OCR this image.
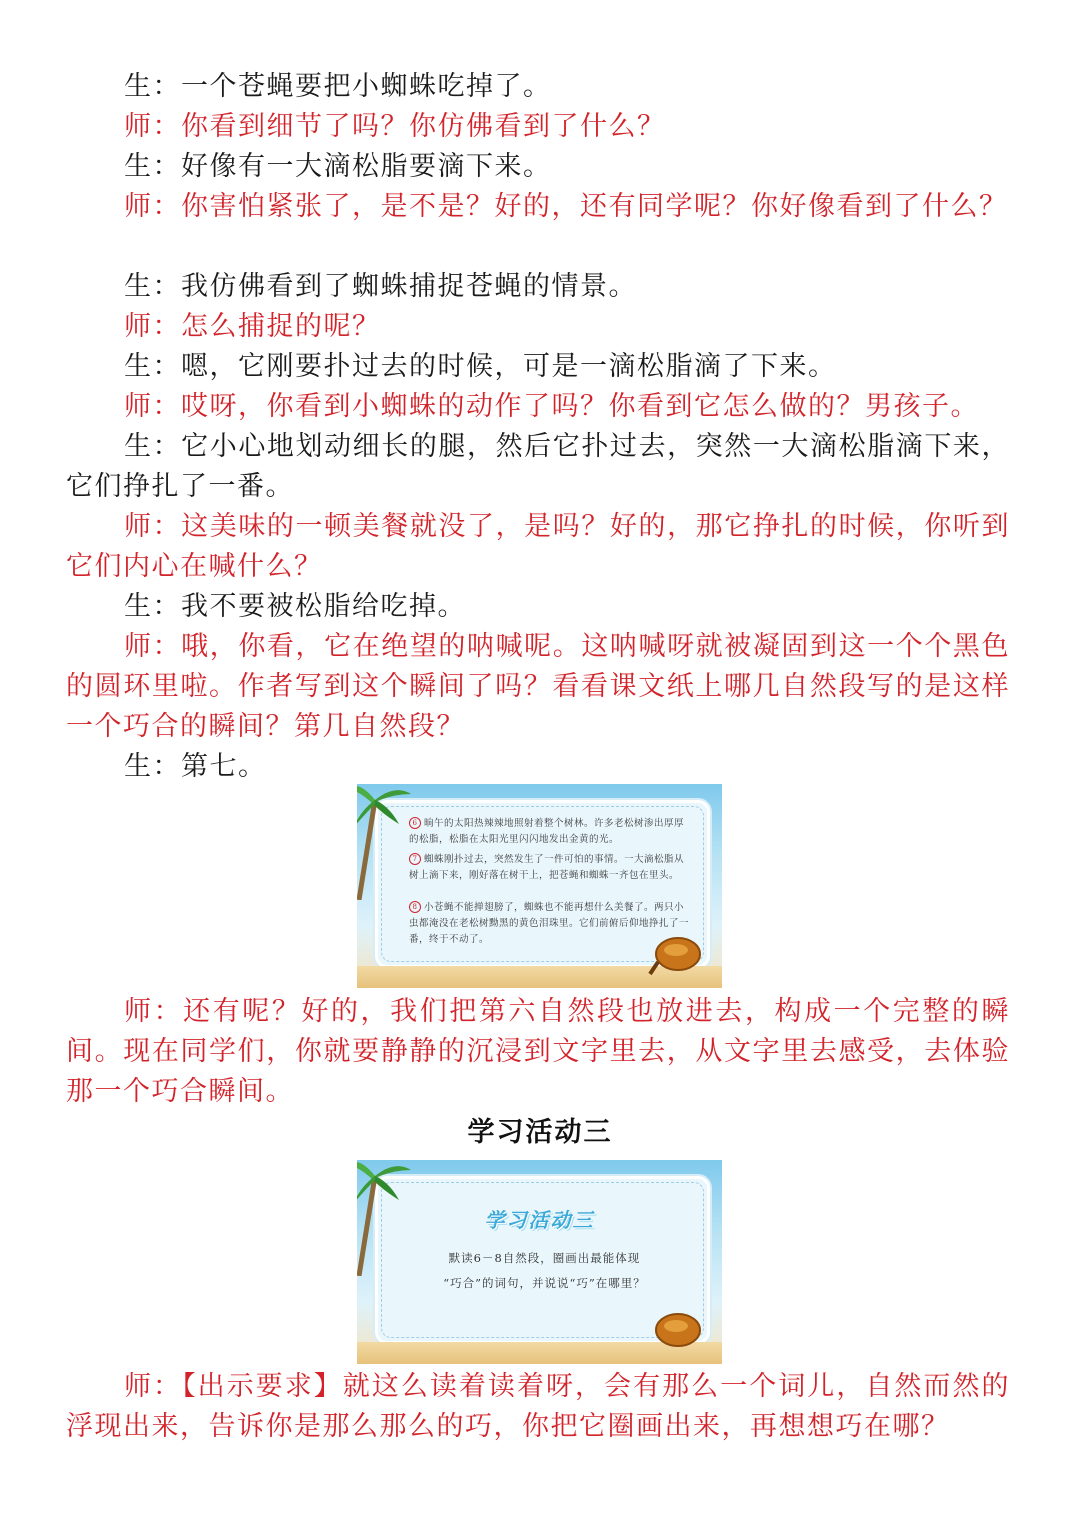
生：一个苍蝇要把小蜘蛛吃掉了。

师：你看到细节了吗？你仿佛看到了什么？

生：好像有一大滴松脂要滴下来。

师：你害怕紧张了，是不是？好的，还有同学呢？你好像看到了什么？

生：我仿佛看到了蜘蛛捕捉苍蝇的情景。

师：怎么捕捉的呢？

生：嗯，它刚要扑过去的时候，可是一滴松脂滴了下来。

师：哎呀，你看到小蜘蛛的动作了吗？你看到它怎么做的？男孩子。

生：它小心地划动细长的腿，然后它扑过去，突然一大滴松脂滴下来，它们挣扎了一番。

师：这美味的一顿美餐就没了，是吗？好的，那它挣扎的时候，你听到它们内心在喊什么？

生：我不要被松脂给吃掉。

师：哦，你看，它在绝望的呐喊呢。这呐喊呀就被凝固到这一个个黑色的圆环里啦。作者写到这个瞬间了吗？看看课文纸上哪几自然段写的是这样一个巧合的瞬间？第几自然段？

生：第七。

6 晌午的太阳热辣辣地照射着整个树林。许多老松树渗出厚厚的松脂，松脂在太阳光里闪闪地发出金黄的光。

7 蜘蛛刚扑过去，突然发生了一件可怕的事情。一大滴松脂从树上滴下来，刚好落在树干上，把苍蝇和蜘蛛一齐包在里头。

8 小苍蝇不能掸翅膀了，蜘蛛也不能再想什么美餐了。两只小虫都淹没在老松树黝黑的黄色泪珠里。它们前俯后仰地挣扎了一番，终于不动了。

师：还有呢？好的，我们把第六自然段也放进去，构成一个完整的瞬间。现在同学们，你就要静静的沉浸到文字里去，从文字里去感受，去体验那一个巧合瞬间。

学习活动三
学习活动三
默读6－8自然段，圈画出最能体现
“巧合”的词句，并说说“巧”在哪里？

师：【出示要求】就这么读着读着呀，会有那么一个词儿，自然而然的浮现出来，告诉你是那么那么的巧，你把它圈画出来，再想想巧在哪？
